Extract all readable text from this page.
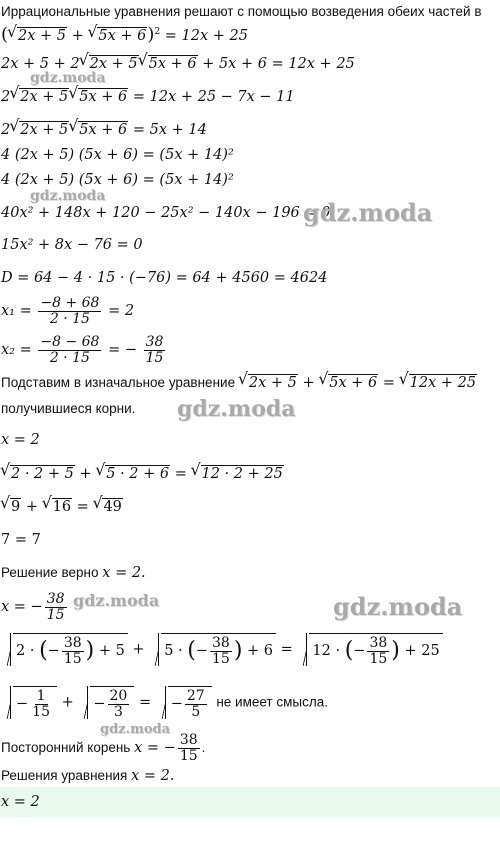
Иррациональные уравнения решают с помощью возведения обеих частей в
( √ 2x + 5 + √ 5x + 6)$^2$ = 12x + 25
2x + 5 + 2 √ 2x + 5 √ 5x + 6 + 5x + 6 = 12x + 25
2 √ 2x + 5 √ 5x + 6 = 12x + 25 − 7x − 11
2 √ 2x + 5 √ 5x + 6 = 5x + 14
4 (2x + 5) (5x + 6) = (5x + 14)²
4 (2x + 5) (5x + 6) = (5x + 14)²
40x² + 148x + 120 − 25x² − 140x − 196 = 0
15x² + 8x − 76 = 0
D = 64 − 4 · 15 · (−76) = 64 + 4560 = 4624
$x_1 = \frac{-8 + 68}{2 \cdot 15} = 2$
$x_2 = \frac{-8 - 68}{2 \cdot 15}$ = − $\frac{38}{15}$
Подставим в изначальное уравнение √ 2x + 5 + √ 5x + 6 = √ 12x + 25
получившиеся корни.
x = 2
√ 2 · 2 + 5 + √ 5 · 2 + 6 = √ 12 · 2 + 25
√ 9 + √ 16 = √ 49
7 = 7
Решение верно x = 2.
x = − $\frac{38}{15}$
2 · (− $\frac{38}{15}$ ) + 5 + 5 · (− $\frac{38}{15}$ ) + 6 = 12 · (− $\frac{38}{15}$ ) + 25
− $\frac{1}{15}$ + − $\frac{20}{3}$ = − $\frac{27}{5}$ не имеет смысла.
Посторонний корень x = − $\frac{38}{15}$ .
Решения уравнения x = 2.
x = 2
gdz.moda
gdz.moda
gdz.moda
gdz.moda
gdz.moda	gdz.moda
gdz.moda
